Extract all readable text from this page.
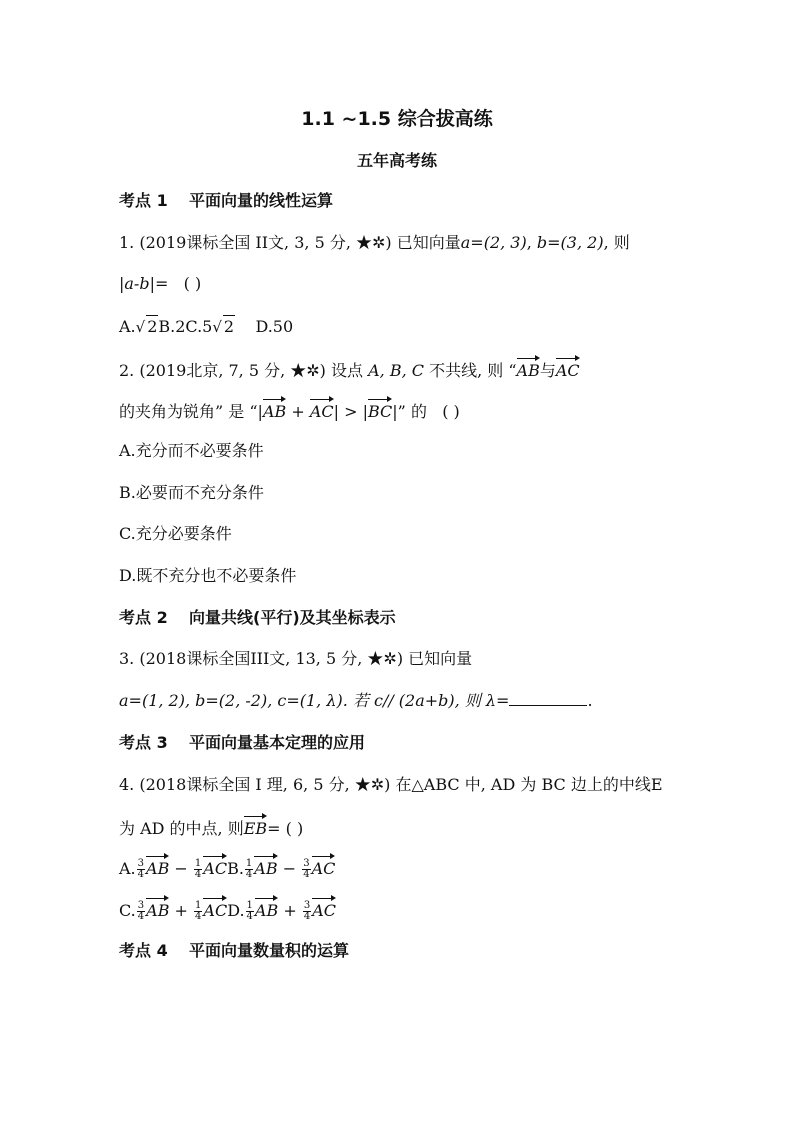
1.1 ~1.5 综合拔高练
五年高考练
考点 1 平面向量的线性运算
1. (2019课标全国 II文, 3, 5 分, ★✲) 已知向量a=(2, 3), b=(3, 2), 则
|a-b|= ( )
A.√ 2B.2C.5√ 2 D.50
2. (2019北京, 7, 5 分, ★✲) 设点 A, B, C 不共线, 则 “AB与AC
的夹角为锐角” 是 “|AB + AC| > |BC|” 的 ( )
A.充分而不必要条件
B.必要而不充分条件
C.充分必要条件
D.既不充分也不必要条件
考点 2 向量共线(平行)及其坐标表示
3. (2018课标全国III文, 13, 5 分, ★✲) 已知向量
a=(1, 2), b=(2, -2), c=(1, λ). 若 c// (2a+b), 则 λ=	.
考点 3 平面向量基本定理的应用
4. (2018课标全国 I 理, 6, 5 分, ★✲) 在△ABC 中, AD 为 BC 边上的中线E
为 AD 的中点, 则EB= ( )
A. $\frac{3}{4}$ AB − $\frac{1}{4}$ ACB. $\frac{1}{4}$ AB − $\frac{3}{4}$ AC
C. $\frac{3}{4}$ AB + $\frac{1}{4}$ ACD. $\frac{1}{4}$ AB + $\frac{3}{4}$ AC
考点 4 平面向量数量积的运算
